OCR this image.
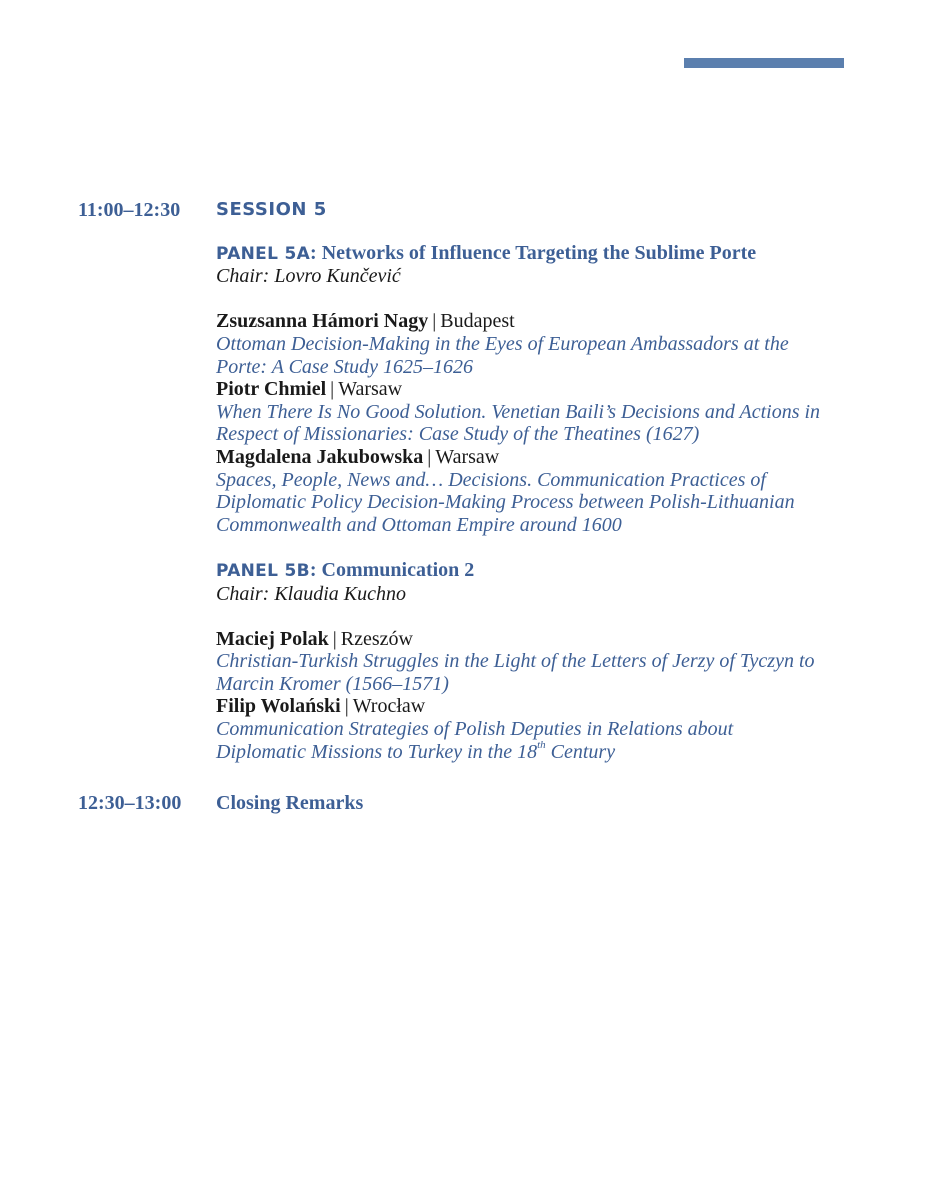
11:00–12:30 SESSION 5
PANEL 5A: Networks of Influence Targeting the Sublime Porte
Chair: Lovro Kunčević
Zsuzsanna Hámori Nagy | Budapest
Ottoman Decision-Making in the Eyes of European Ambassadors at the
Porte: A Case Study 1625–1626
Piotr Chmiel | Warsaw
When There Is No Good Solution. Venetian Baili’s Decisions and Actions in
Respect of Missionaries: Case Study of the Theatines (1627)
Magdalena Jakubowska | Warsaw
Spaces, People, News and… Decisions. Communication Practices of
Diplomatic Policy Decision-Making Process between Polish-Lithuanian
Commonwealth and Ottoman Empire around 1600
PANEL 5B: Communication 2
Chair: Klaudia Kuchno
Maciej Polak | Rzeszów
Christian-Turkish Struggles in the Light of the Letters of Jerzy of Tyczyn to
Marcin Kromer (1566–1571)
Filip Wolański | Wrocław
Communication Strategies of Polish Deputies in Relations about
Diplomatic Missions to Turkey in the 18th Century
12:30–13:00 Closing Remarks
